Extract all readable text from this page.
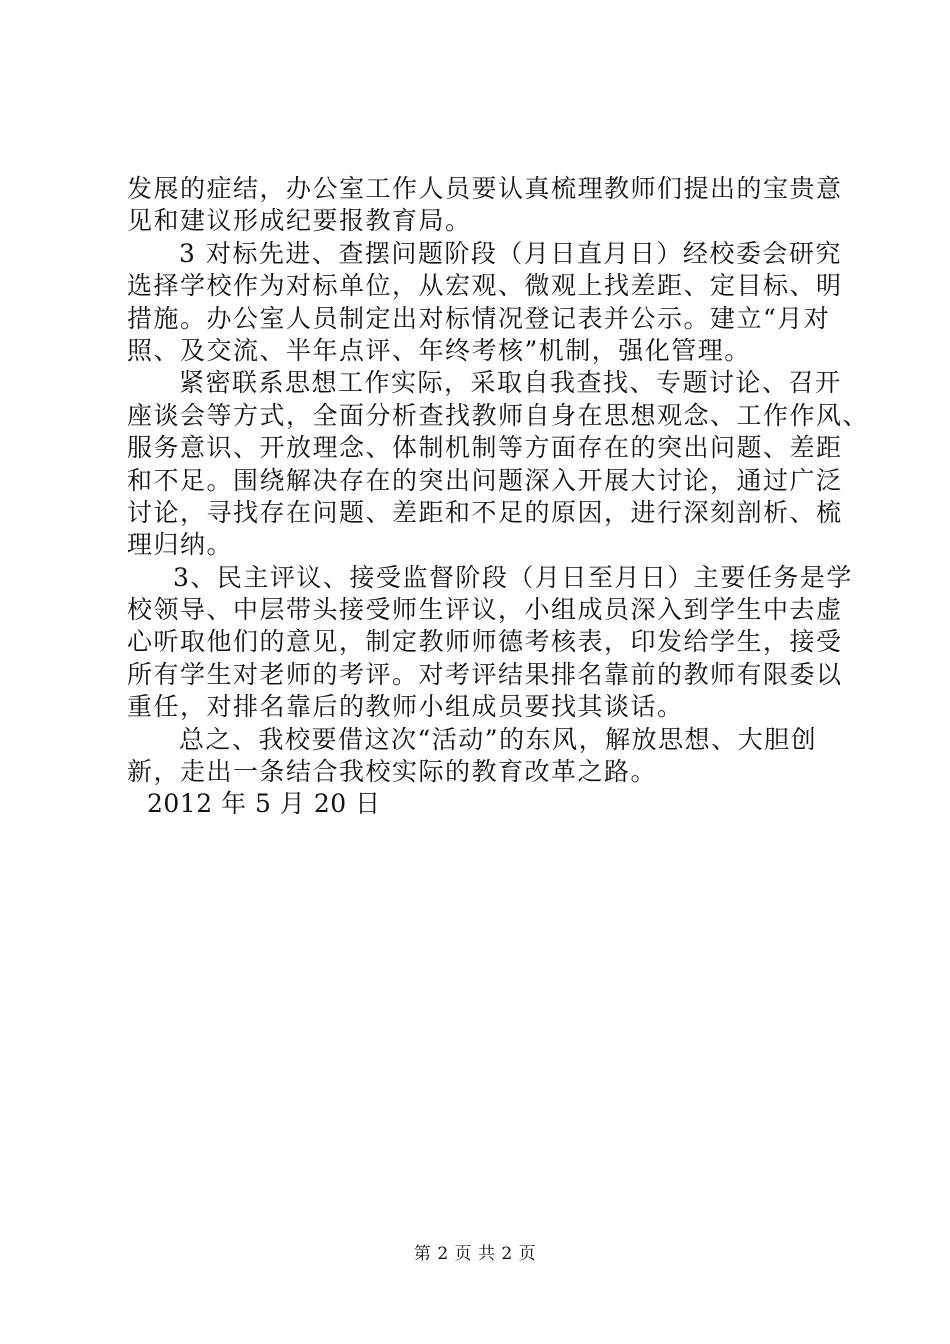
发展的症结，办公室工作人员要认真梳理教师们提出的宝贵意
见和建议形成纪要报教育局。
3 对标先进、查摆问题阶段（月日直月日）经校委会研究
选择学校作为对标单位，从宏观、微观上找差距、定目标、明
措施。办公室人员制定出对标情况登记表并公示。建立“月对
照、及交流、半年点评、年终考核”机制，强化管理。
紧密联系思想工作实际，采取自我查找、专题讨论、召开
座谈会等方式，全面分析查找教师自身在思想观念、工作作风、
服务意识、开放理念、体制机制等方面存在的突出问题、差距
和不足。围绕解决存在的突出问题深入开展大讨论，通过广泛
讨论，寻找存在问题、差距和不足的原因，进行深刻剖析、梳
理归纳。
3、民主评议、接受监督阶段（月日至月日）主要任务是学
校领导、中层带头接受师生评议，小组成员深入到学生中去虚
心听取他们的意见，制定教师师德考核表，印发给学生，接受
所有学生对老师的考评。对考评结果排名靠前的教师有限委以
重任，对排名靠后的教师小组成员要找其谈话。
总之、我校要借这次“活动”的东风，解放思想、大胆创
新，走出一条结合我校实际的教育改革之路。
2012 年 5 月 20 日
第 2 页 共 2 页
